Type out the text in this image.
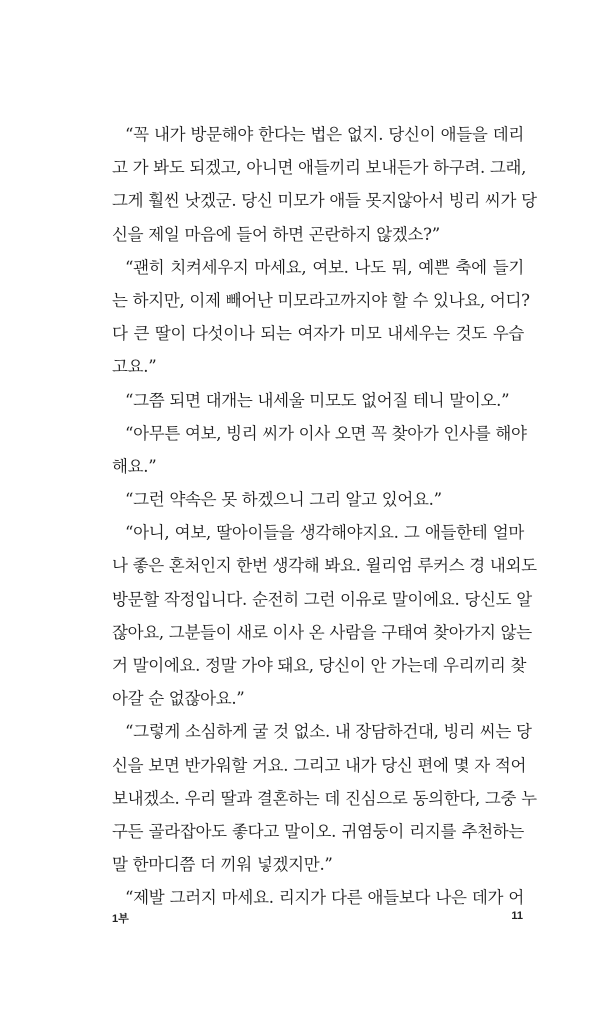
“꼭 내가 방문해야 한다는 법은 없지. 당신이 애들을 데리
고 가 봐도 되겠고, 아니면 애들끼리 보내든가 하구려. 그래,
그게 훨씬 낫겠군. 당신 미모가 애들 못지않아서 빙리 씨가 당
신을 제일 마음에 들어 하면 곤란하지 않겠소?”
“괜히 치켜세우지 마세요, 여보. 나도 뭐, 예쁜 축에 들기
는 하지만, 이제 빼어난 미모라고까지야 할 수 있나요, 어디?
다 큰 딸이 다섯이나 되는 여자가 미모 내세우는 것도 우습
고요.”
“그쯤 되면 대개는 내세울 미모도 없어질 테니 말이오.”
“아무튼 여보, 빙리 씨가 이사 오면 꼭 찾아가 인사를 해야
해요.”
“그런 약속은 못 하겠으니 그리 알고 있어요.”
“아니, 여보, 딸아이들을 생각해야지요. 그 애들한테 얼마
나 좋은 혼처인지 한번 생각해 봐요. 윌리엄 루커스 경 내외도
방문할 작정입니다. 순전히 그런 이유로 말이에요. 당신도 알
잖아요, 그분들이 새로 이사 온 사람을 구태여 찾아가지 않는
거 말이에요. 정말 가야 돼요, 당신이 안 가는데 우리끼리 찾
아갈 순 없잖아요.”
“그렇게 소심하게 굴 것 없소. 내 장담하건대, 빙리 씨는 당
신을 보면 반가워할 거요. 그리고 내가 당신 편에 몇 자 적어
보내겠소. 우리 딸과 결혼하는 데 진심으로 동의한다, 그중 누
구든 골라잡아도 좋다고 말이오. 귀염둥이 리지를 추천하는
말 한마디쯤 더 끼워 넣겠지만.”
“제발 그러지 마세요. 리지가 다른 애들보다 나은 데가 어
1부	11
